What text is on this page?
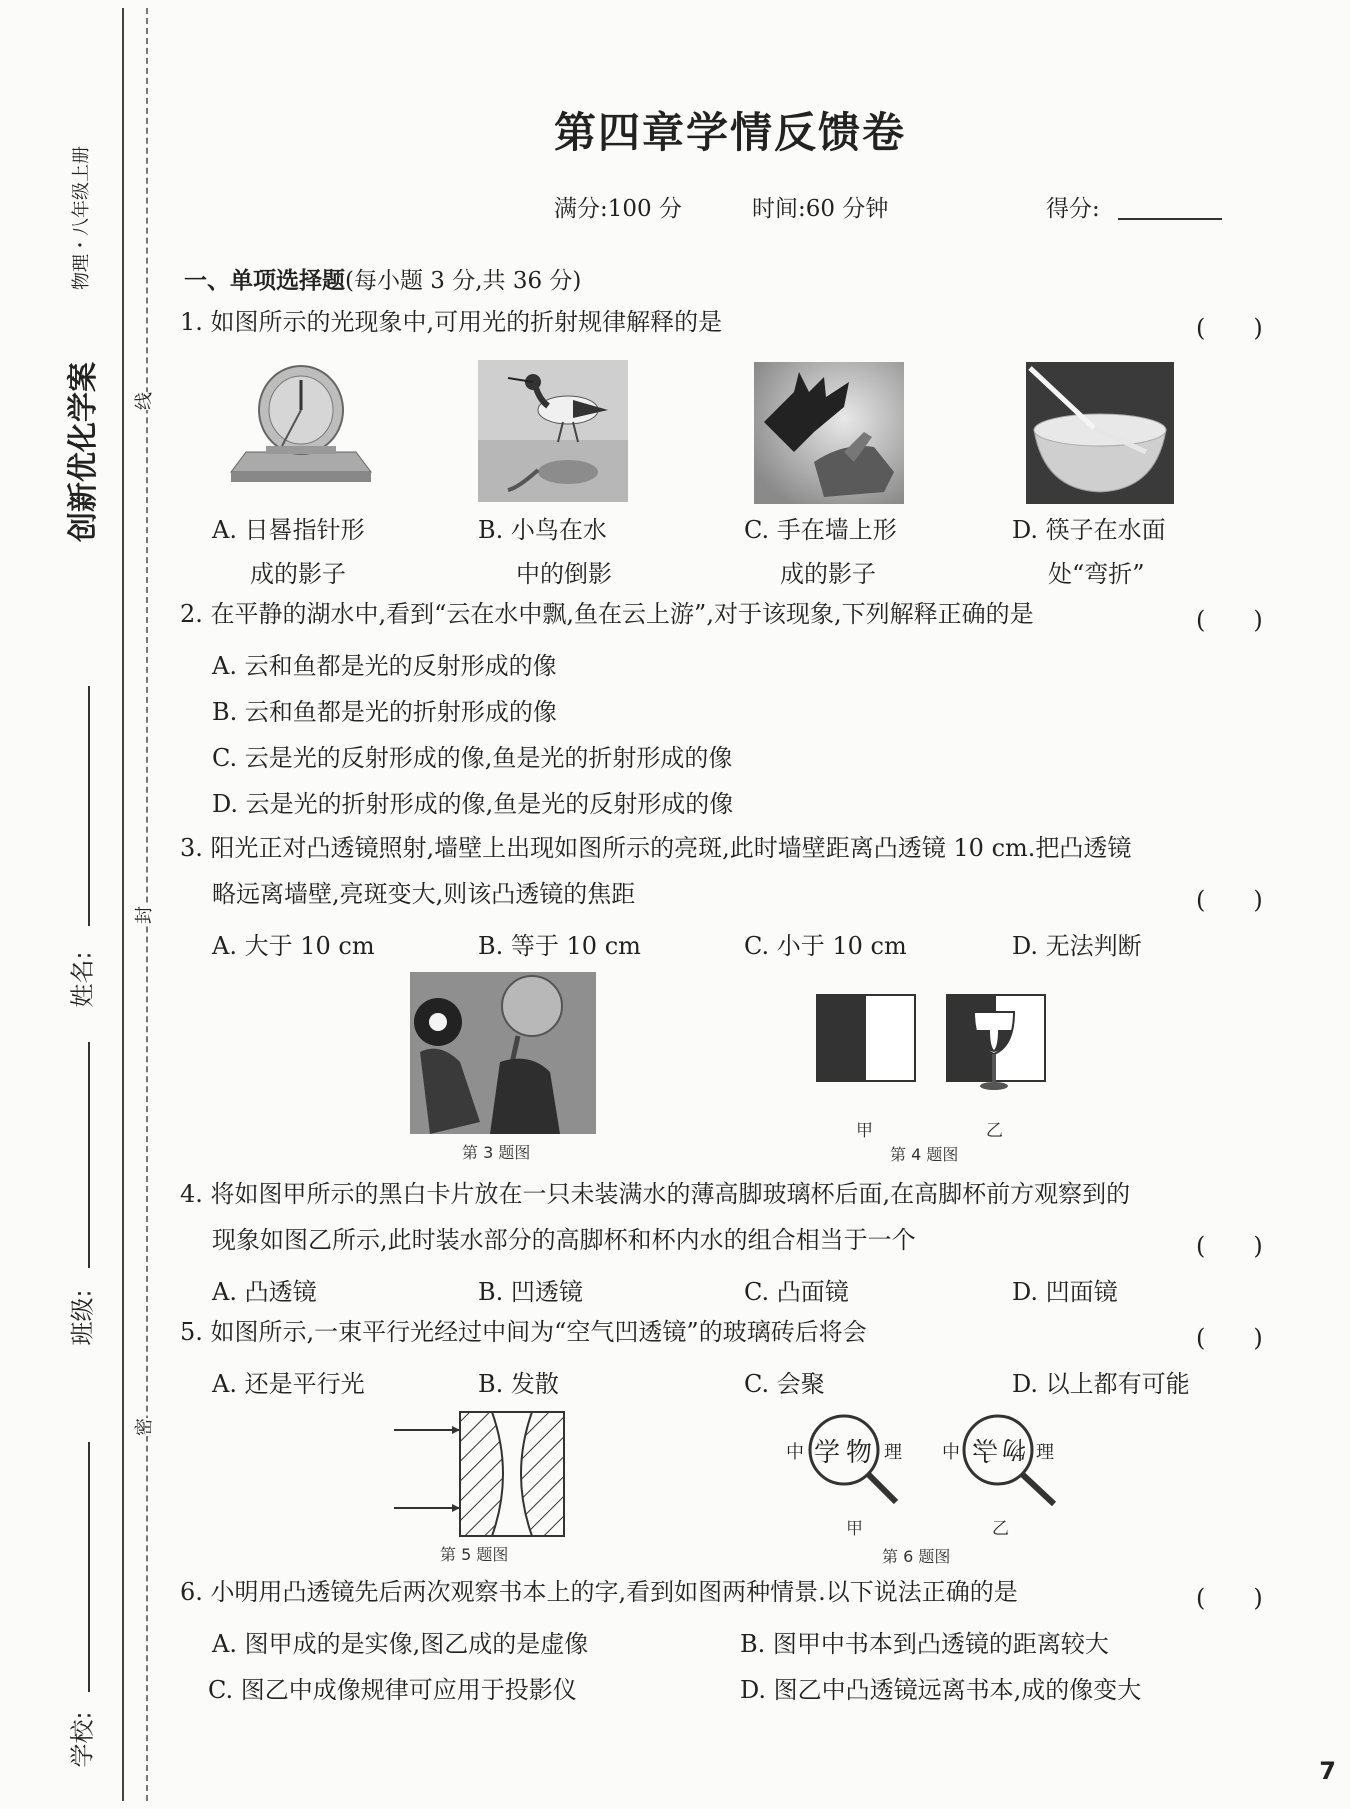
创新优化学案
物理・八年级上册
线
封
密
姓名:
班级:
学校:
第四章学情反馈卷
满分:100 分	时间:60 分钟	得分:
一、单项选择题(每小题 3 分,共 36 分)
1. 如图所示的光现象中,可用光的折射规律解释的是	(　　)
A. 日晷指针形
成的影子
B. 小鸟在水
中的倒影
C. 手在墙上形
成的影子
D. 筷子在水面
处“弯折”
2. 在平静的湖水中,看到“云在水中飘,鱼在云上游”,对于该现象,下列解释正确的是	(　　)
A. 云和鱼都是光的反射形成的像
B. 云和鱼都是光的折射形成的像
C. 云是光的反射形成的像,鱼是光的折射形成的像
D. 云是光的折射形成的像,鱼是光的反射形成的像
3. 阳光正对凸透镜照射,墙壁上出现如图所示的亮斑,此时墙壁距离凸透镜 10 cm.把凸透镜
略远离墙壁,亮斑变大,则该凸透镜的焦距	(　　)
A. 大于 10 cm	B. 等于 10 cm	C. 小于 10 cm	D. 无法判断
第 3 题图
甲	乙
第 4 题图
4. 将如图甲所示的黑白卡片放在一只未装满水的薄高脚玻璃杯后面,在高脚杯前方观察到的
现象如图乙所示,此时装水部分的高脚杯和杯内水的组合相当于一个	(　　)
A. 凸透镜	B. 凹透镜	C. 凸面镜	D. 凹面镜
5. 如图所示,一束平行光经过中间为“空气凹透镜”的玻璃砖后将会	(　　)
A. 还是平行光	B. 发散	C. 会聚	D. 以上都有可能
第 5 题图
中 学 物 理 中 学 物 理
甲	乙
第 6 题图
6. 小明用凸透镜先后两次观察书本上的字,看到如图两种情景.以下说法正确的是	(　　)
A. 图甲成的是实像,图乙成的是虚像	B. 图甲中书本到凸透镜的距离较大
C. 图乙中成像规律可应用于投影仪	D. 图乙中凸透镜远离书本,成的像变大
7
